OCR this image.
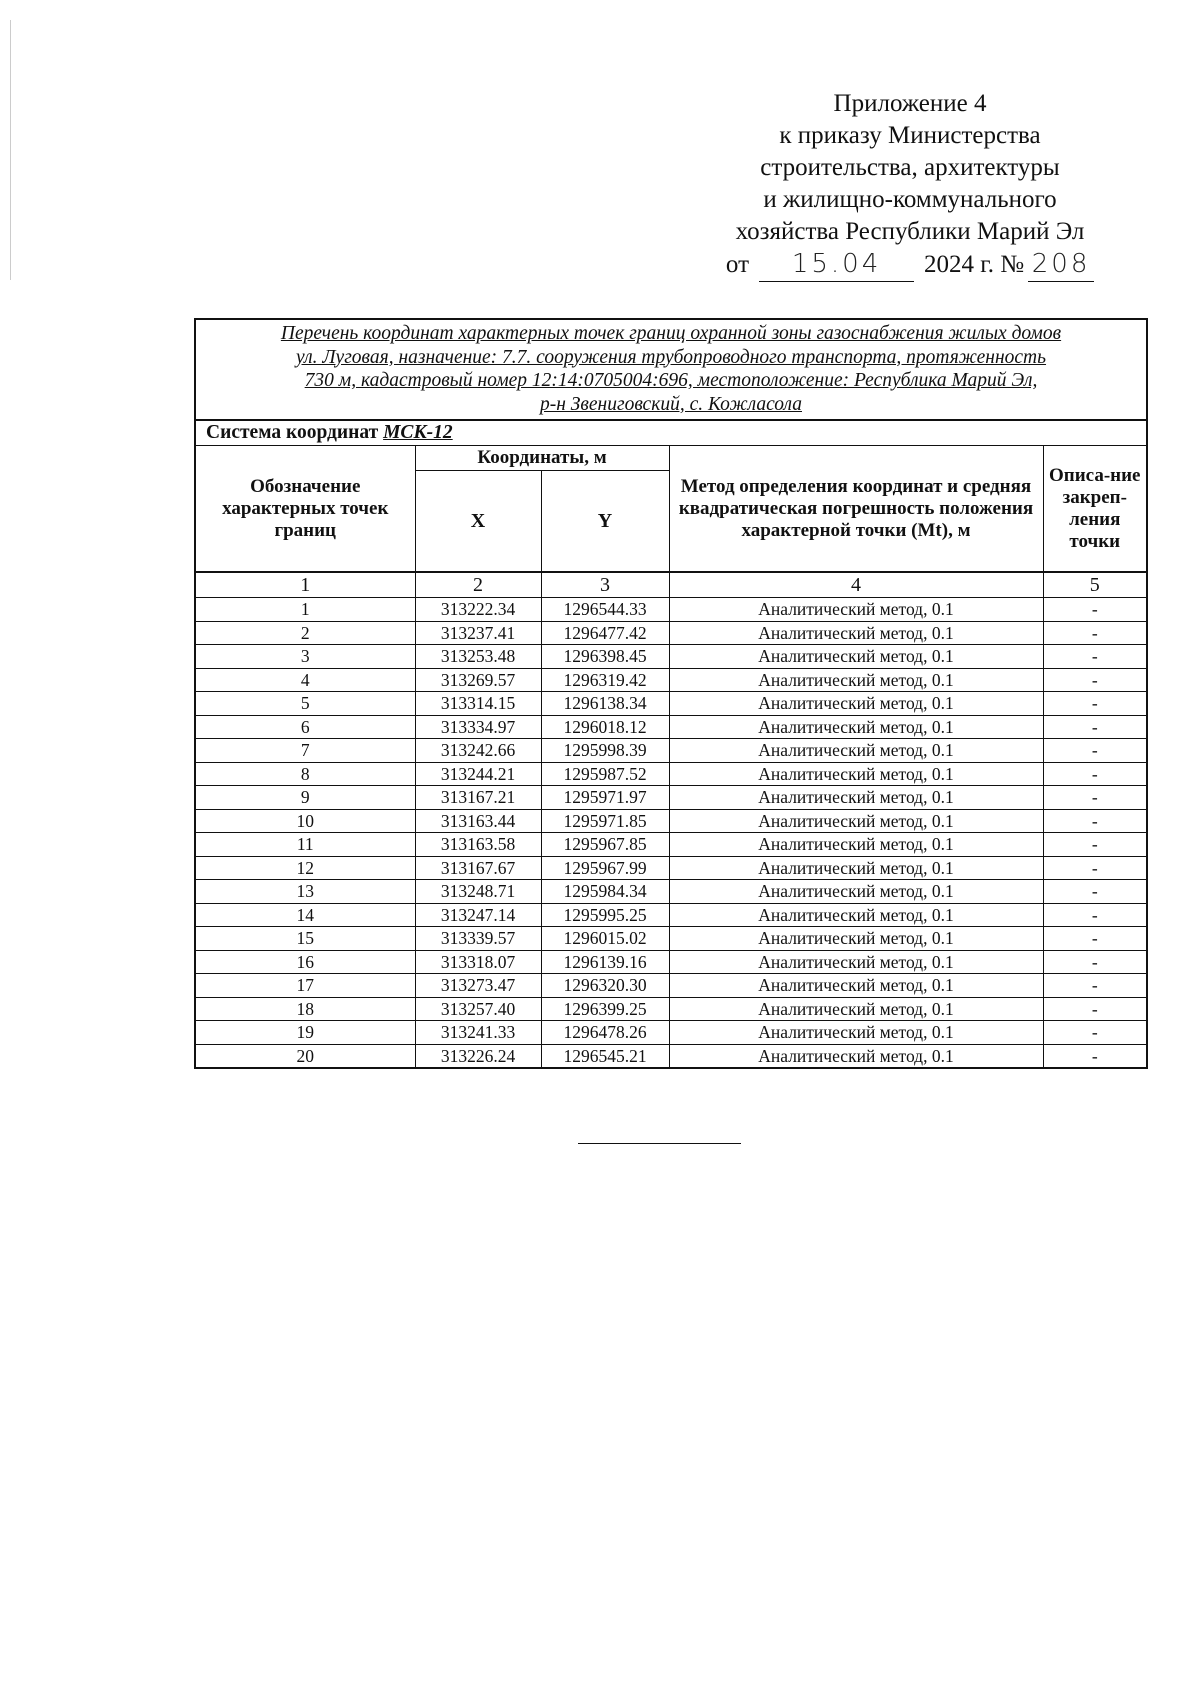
Приложение 4
к приказу Министерства
строительства, архитектуры
и жилищно-коммунального
хозяйства Республики Марий Эл
от 15.04 2024 г. № 208
Перечень координат характерных точек границ охранной зоны газоснабжения жилых домов
ул. Луговая, назначение: 7.7. сооружения трубопроводного транспорта, протяженность
730 м, кадастровый номер 12:14:0705004:696, местоположение: Республика Марий Эл,
р-н Звениговский, с. Кожласола
Система координат МСК-12
Обозначение характерных точек границ	Координаты, м		Метод определения координат и средняя квадратическая погрешность положения характерной точки (Mt), м	Описа-ние закреп-ления точки
	X	Y		
1	2	3	4	5
1	313222.34	1296544.33	Аналитический метод, 0.1	-
2	313237.41	1296477.42	Аналитический метод, 0.1	-
3	313253.48	1296398.45	Аналитический метод, 0.1	-
4	313269.57	1296319.42	Аналитический метод, 0.1	-
5	313314.15	1296138.34	Аналитический метод, 0.1	-
6	313334.97	1296018.12	Аналитический метод, 0.1	-
7	313242.66	1295998.39	Аналитический метод, 0.1	-
8	313244.21	1295987.52	Аналитический метод, 0.1	-
9	313167.21	1295971.97	Аналитический метод, 0.1	-
10	313163.44	1295971.85	Аналитический метод, 0.1	-
11	313163.58	1295967.85	Аналитический метод, 0.1	-
12	313167.67	1295967.99	Аналитический метод, 0.1	-
13	313248.71	1295984.34	Аналитический метод, 0.1	-
14	313247.14	1295995.25	Аналитический метод, 0.1	-
15	313339.57	1296015.02	Аналитический метод, 0.1	-
16	313318.07	1296139.16	Аналитический метод, 0.1	-
17	313273.47	1296320.30	Аналитический метод, 0.1	-
18	313257.40	1296399.25	Аналитический метод, 0.1	-
19	313241.33	1296478.26	Аналитический метод, 0.1	-
20	313226.24	1296545.21	Аналитический метод, 0.1	-
